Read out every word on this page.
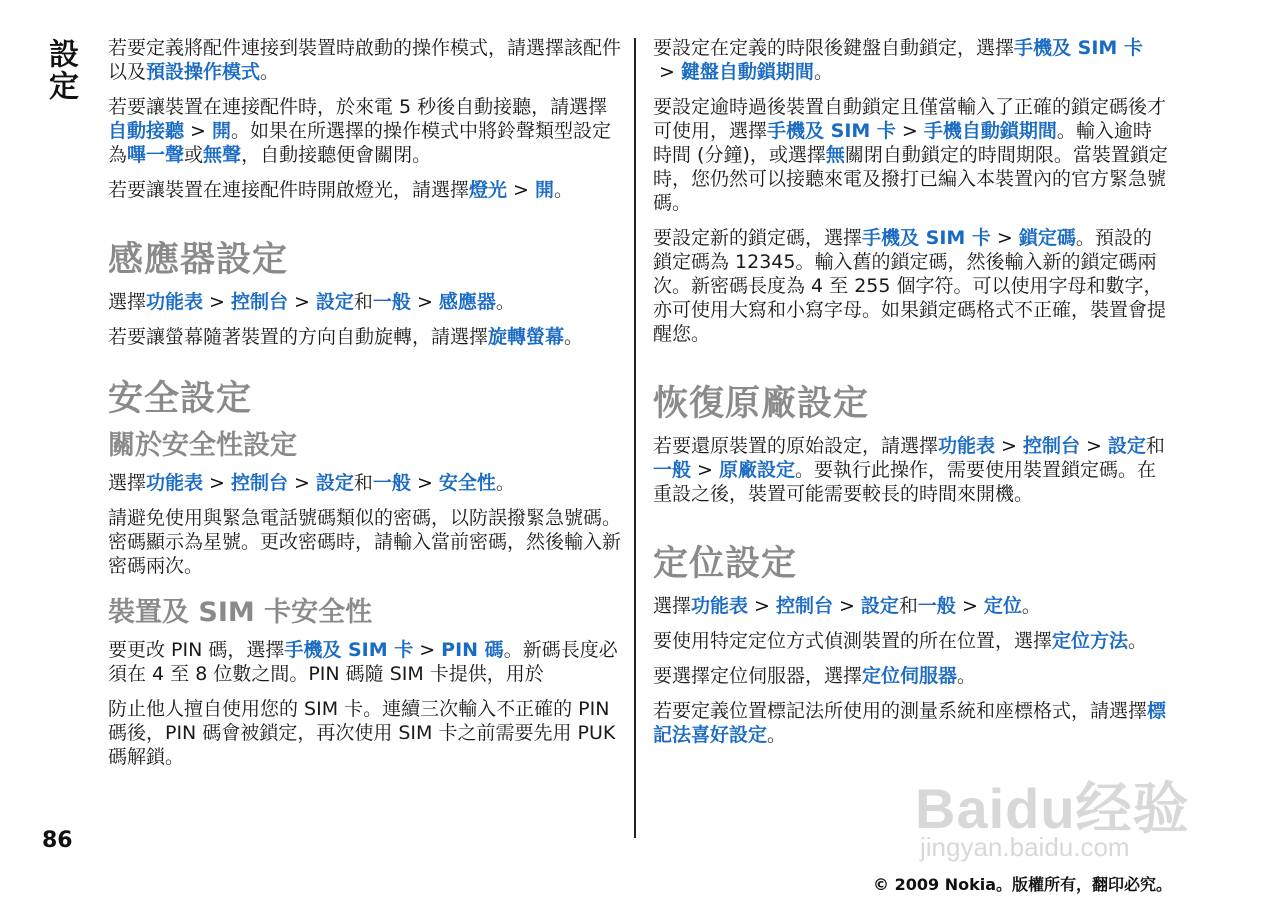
設定
86

若要定義將配件連接到裝置時啟動的操作模式，請選擇該配件以及預設操作模式。

若要讓裝置在連接配件時，於來電 5 秒後自動接聽，請選擇自動接聽 > 開。如果在所選擇的操作模式中將鈴聲類型設定為嗶一聲或無聲，自動接聽便會關閉。

若要讓裝置在連接配件時開啟燈光，請選擇燈光 > 開。

感應器設定

選擇功能表 > 控制台 > 設定和一般 > 感應器。

若要讓螢幕隨著裝置的方向自動旋轉，請選擇旋轉螢幕。

安全設定
關於安全性設定

選擇功能表 > 控制台 > 設定和一般 > 安全性。

請避免使用與緊急電話號碼類似的密碼，以防誤撥緊急號碼。密碼顯示為星號。更改密碼時，請輸入當前密碼，然後輸入新密碼兩次。

裝置及 SIM 卡安全性

要更改 PIN 碼，選擇手機及 SIM 卡 > PIN 碼。新碼長度必須在 4 至 8 位數之間。PIN 碼隨 SIM 卡提供，用於

防止他人擅自使用您的 SIM 卡。連續三次輸入不正確的 PIN 碼後，PIN 碼會被鎖定，再次使用 SIM 卡之前需要先用 PUK 碼解鎖。

要設定在定義的時限後鍵盤自動鎖定，選擇手機及 SIM 卡> 鍵盤自動鎖期間。

要設定逾時過後裝置自動鎖定且僅當輸入了正確的鎖定碼後才可使用，選擇手機及 SIM 卡 > 手機自動鎖期間。輸入逾時時間 (分鐘)，或選擇無關閉自動鎖定的時間期限。當裝置鎖定時，您仍然可以接聽來電及撥打已編入本裝置內的官方緊急號碼。

要設定新的鎖定碼，選擇手機及 SIM 卡 > 鎖定碼。預設的鎖定碼為 12345。輸入舊的鎖定碼，然後輸入新的鎖定碼兩次。新密碼長度為 4 至 255 個字符。可以使用字母和數字，亦可使用大寫和小寫字母。如果鎖定碼格式不正確，裝置會提醒您。

恢復原廠設定

若要還原裝置的原始設定，請選擇功能表 > 控制台 > 設定和一般 > 原廠設定。要執行此操作，需要使用裝置鎖定碼。在重設之後，裝置可能需要較長的時間來開機。

定位設定

選擇功能表 > 控制台 > 設定和一般 > 定位。

要使用特定定位方式偵測裝置的所在位置，選擇定位方法。

要選擇定位伺服器，選擇定位伺服器。

若要定義位置標記法所使用的測量系統和座標格式，請選擇標記法喜好設定。

Baidu经验
jingyan.baidu.com
© 2009 Nokia。版權所有，翻印必究。
